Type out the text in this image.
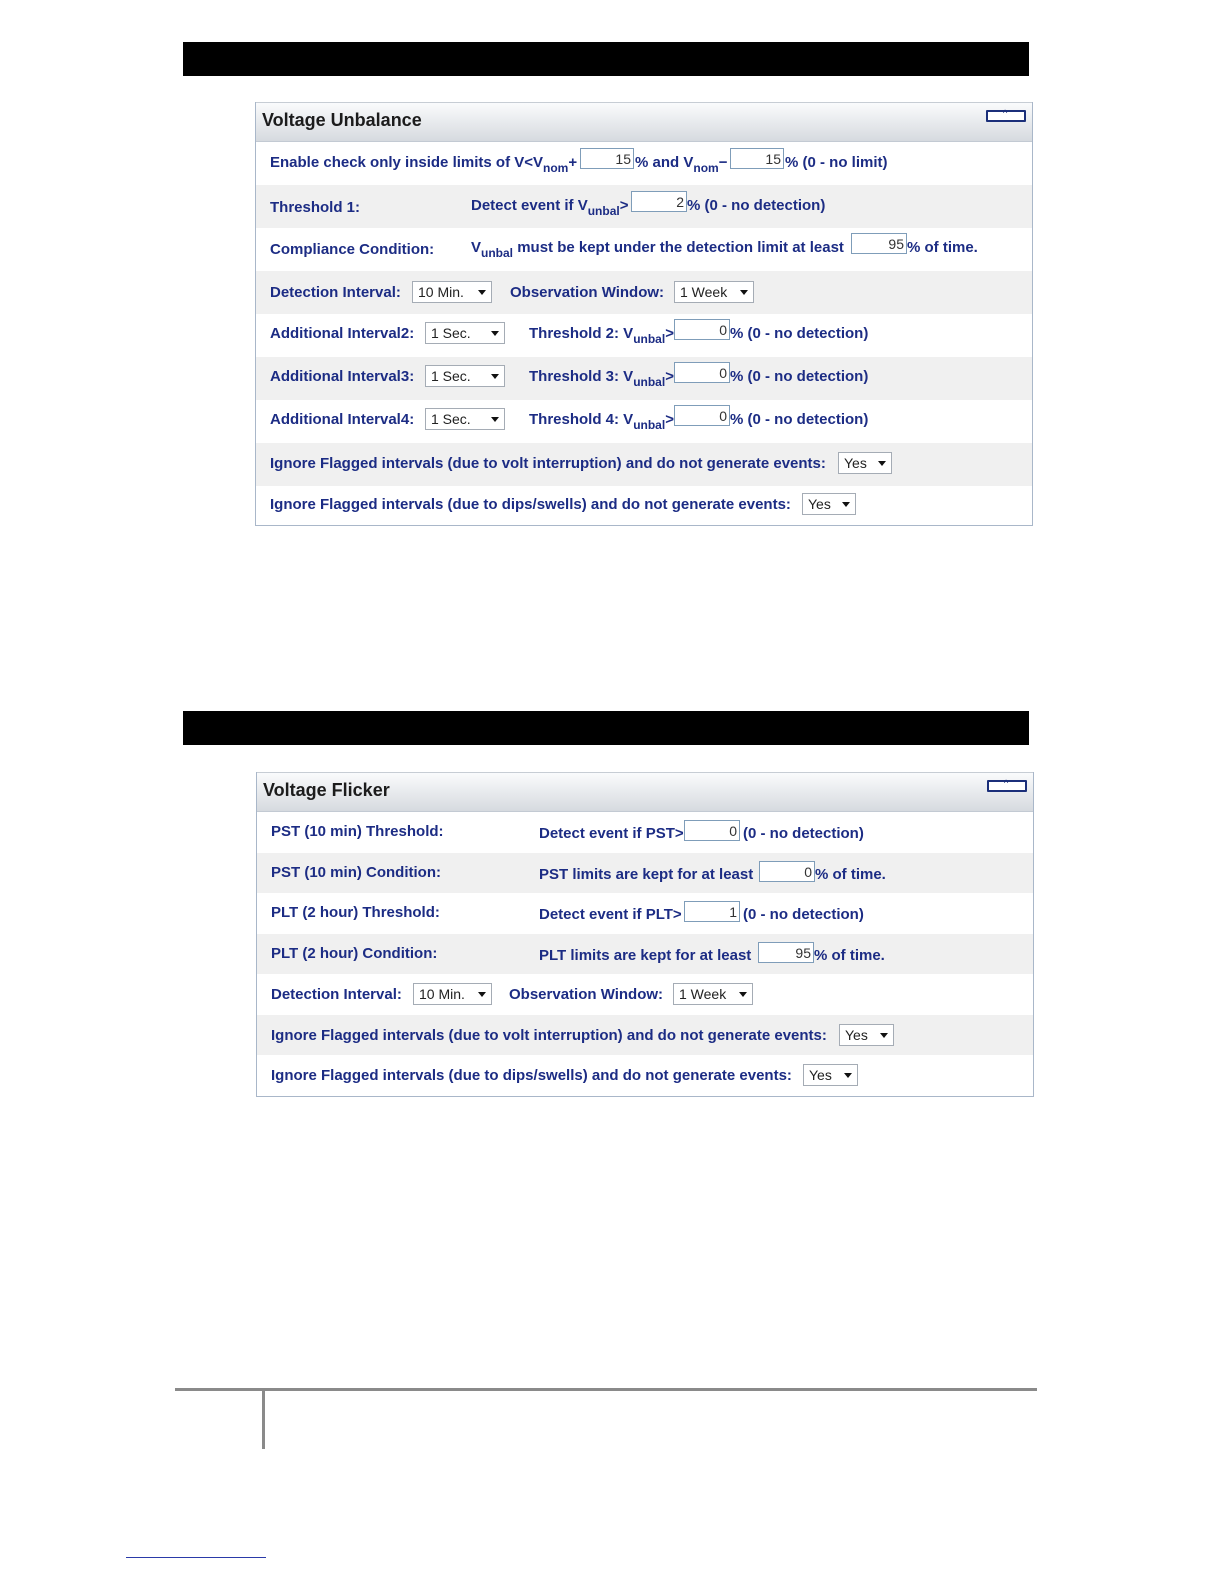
Voltage Unbalance	^
Enable check only inside limits of $V<V_{nom}+$	15 % and $V_{nom}-$	15 % (0 - no limit)
Threshold 1:	Detect event if $V_{unbal}>$	2 % (0 - no detection)
Compliance Condition: $V_{unbal}$ must be kept under the detection limit at least	95 % of time.
Detection Interval:	10 Min.	Observation Window:	1 Week
Additional Interval2:	1 Sec.	Threshold 2: $V_{unbal}>$	0 % (0 - no detection)
Additional Interval3:	1 Sec.	Threshold 3: $V_{unbal}>$	0 % (0 - no detection)
Additional Interval4:	1 Sec.	Threshold 4: $V_{unbal}>$	0 % (0 - no detection)
Ignore Flagged intervals (due to volt interruption) and do not generate events:	Yes
Ignore Flagged intervals (due to dips/swells) and do not generate events:	Yes
Voltage Flicker	^
PST (10 min) Threshold:	Detect event if PST>	0 (0 - no detection)
PST (10 min) Condition:	PST limits are kept for at least	0 % of time.
PLT (2 hour) Threshold:	Detect event if PLT>	1 (0 - no detection)
PLT (2 hour) Condition:	PLT limits are kept for at least	95 % of time.
Detection Interval:	10 Min.	Observation Window:	1 Week
Ignore Flagged intervals (due to volt interruption) and do not generate events:	Yes
Ignore Flagged intervals (due to dips/swells) and do not generate events:	Yes
